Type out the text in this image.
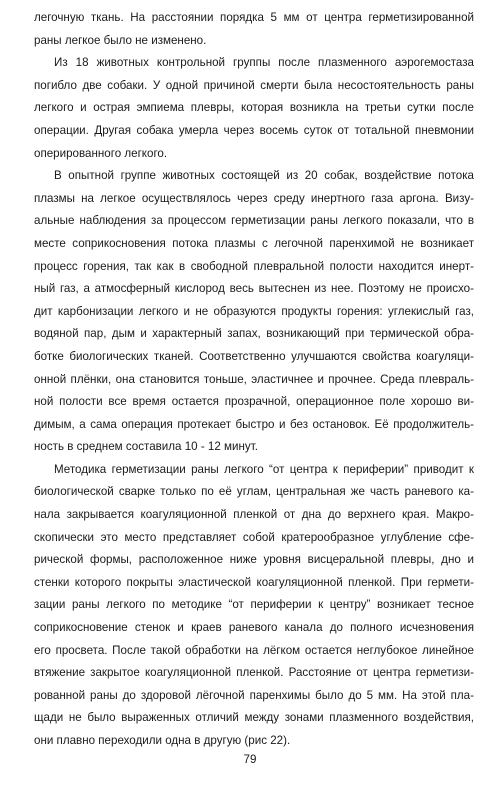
легочную ткань. На расстоянии порядка 5 мм от центра герметизированной
раны легкое было не изменено.
Из 18 животных контрольной группы после плазменного аэрогемостаза
погибло две собаки. У одной причиной смерти была несостоятельность раны
легкого и острая эмпиема плевры, которая возникла на третьи сутки после
операции. Другая собака умерла через восемь суток от тотальной пневмонии
оперированного легкого.
В опытной группе животных состоящей из 20 собак, воздействие потока
плазмы на легкое осуществлялось через среду инертного газа аргона. Визу-
альные наблюдения за процессом герметизации раны легкого показали, что в
месте соприкосновения потока плазмы с легочной паренхимой не возникает
процесс горения, так как в свободной плевральной полости находится инерт-
ный газ, а атмосферный кислород весь вытеснен из нее. Поэтому не происхо-
дит карбонизации легкого и не образуются продукты горения: углекислый газ,
водяной пар, дым и характерный запах, возникающий при термической обра-
ботке биологических тканей. Соответственно улучшаются свойства коагуляци-
онной плёнки, она становится тоньше, эластичнее и прочнее. Среда плевраль-
ной полости все время остается прозрачной, операционное поле хорошо ви-
димым, а сама операция протекает быстро и без остановок. Её продолжитель-
ность в среднем составила 10 - 12 минут.
Методика герметизации раны легкого “от центра к периферии” приводит к
биологической сварке только по её углам, центральная же часть раневого ка-
нала закрывается коагуляционной пленкой от дна до верхнего края. Макро-
скопически это место представляет собой кратерообразное углубление сфе-
рической формы, расположенное ниже уровня висцеральной плевры, дно и
стенки которого покрыты эластической коагуляционной пленкой. При гермети-
зации раны легкого по методике “от периферии к центру” возникает тесное
соприкосновение стенок и краев раневого канала до полного исчезновения
его просвета. После такой обработки на лёгком остается неглубокое линейное
втяжение закрытое коагуляционной пленкой. Расстояние от центра герметизи-
рованной раны до здоровой лёгочной паренхимы было до 5 мм. На этой пла-
щади не было выраженных отличий между зонами плазменного воздействия,
они плавно переходили одна в другую (рис 22).
79
